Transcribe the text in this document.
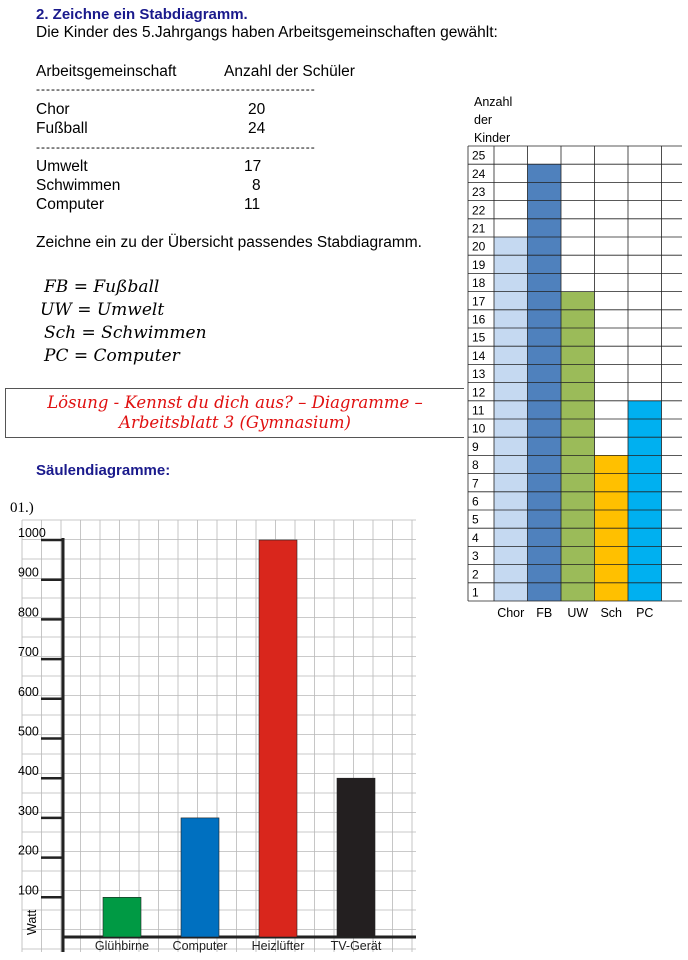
2. Zeichne ein Stabdiagramm.
Die Kinder des 5.Jahrgangs haben Arbeitsgemeinschaften gewählt:
Arbeitsgemeinschaft	Anzahl der Schüler
--------------------------------------------------------
Chor	20
Fußball	24
--------------------------------------------------------
Umwelt	17
Schwimmen	8
Computer	11
Zeichne ein zu der Übersicht passendes Stabdiagramm.
FB = Fußball
UW = Umwelt
Sch = Schwimmen
PC = Computer
Lösung - Kennst du dich aus? – Diagramme –
Arbeitsblatt 3 (Gymnasium)
Säulendiagramme:
01.)
Anzahl
der
Kinder
25
24
23
22
21
20
19
18
17
16
15
14
13
12
11
10
9
8
7
6
5
4
3
2
1
Chor FB UW Sch PC
100
200
300
400
500
600
700
800
900
1000
Watt
Glühbirne Computer Heizlüfter TV-Gerät
